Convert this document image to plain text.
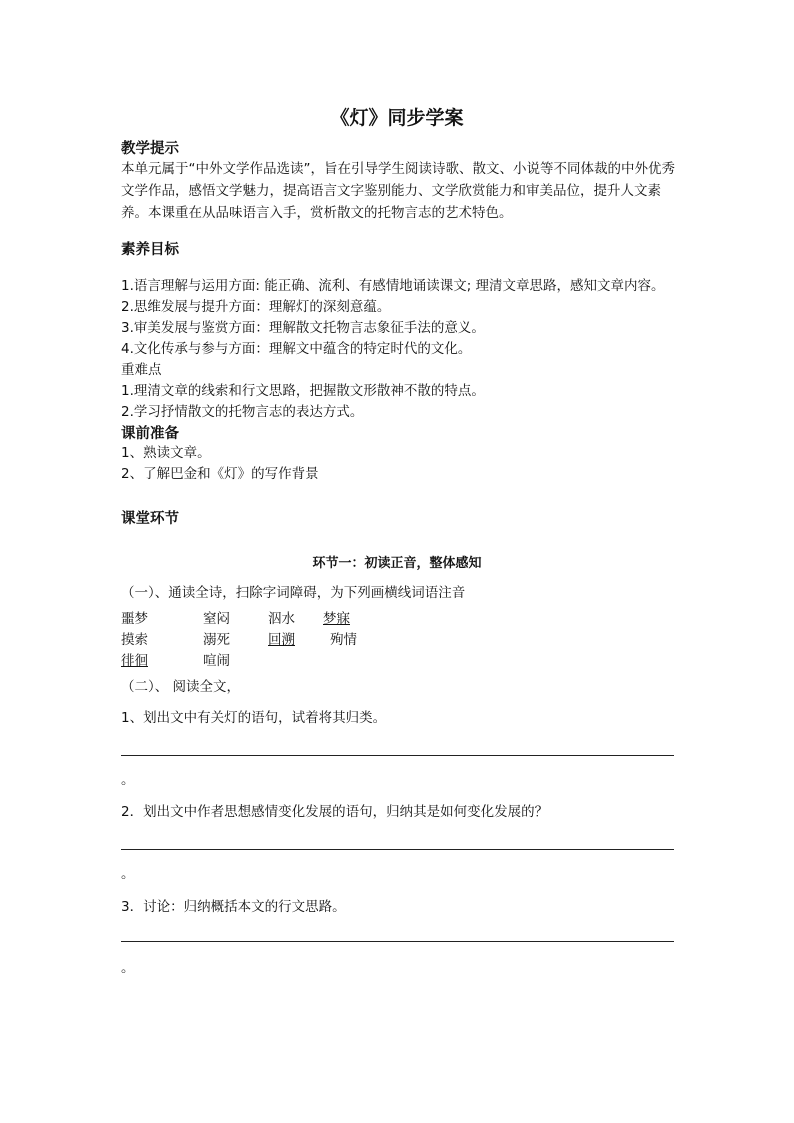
《灯》同步学案
教学提示
本单元属于“中外文学作品选读”，旨在引导学生阅读诗歌、散文、小说等不同体裁的中外优秀文学作品，感悟文学魅力，提高语言文字鉴别能力、文学欣赏能力和审美品位，提升人文素养。本课重在从品味语言入手，赏析散文的托物言志的艺术特色。
素养目标
1.语言理解与运用方面: 能正确、流利、有感情地诵读课文; 理清文章思路，感知文章内容。
2.思维发展与提升方面：理解灯的深刻意蕴。
3.审美发展与鉴赏方面：理解散文托物言志象征手法的意义。
4.文化传承与参与方面：理解文中蕴含的特定时代的文化。
重难点
1.理清文章的线索和行文思路，把握散文形散神不散的特点。
2.学习抒情散文的托物言志的表达方式。
课前准备
1、熟读文章。
2、了解巴金和《灯》的写作背景
课堂环节
环节一：初读正音，整体感知
（一）、通读全诗，扫除字词障碍，为下列画横线词语注音
噩梦	窒闷	泅水 梦寐
摸索	溺死	回溯	殉情
徘徊	喧闹
（二）、 阅读全文，
1、划出文中有关灯的语句，试着将其归类。
。
2．划出文中作者思想感情变化发展的语句，归纳其是如何变化发展的？
。
3．讨论：归纳概括本文的行文思路。
。
